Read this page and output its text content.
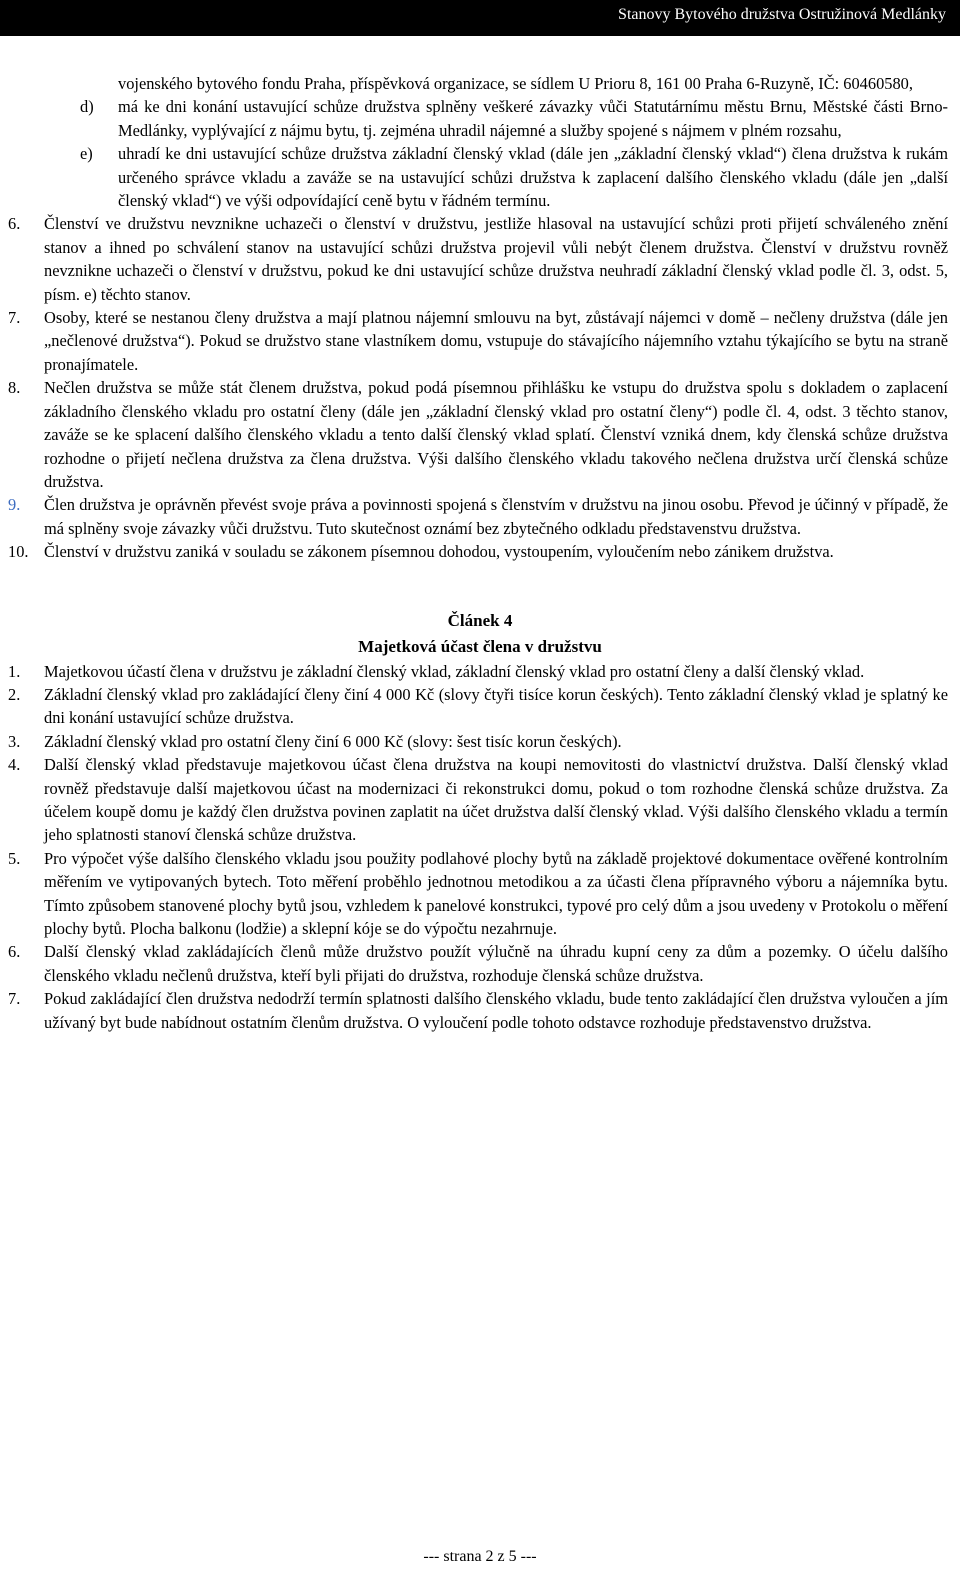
Stanovy Bytového družstva Ostružinová Medlánky
vojenského bytového fondu Praha, příspěvková organizace, se sídlem U Prioru 8, 161 00 Praha 6-Ruzyně, IČ: 60460580,
d) má ke dni konání ustavující schůze družstva splněny veškeré závazky vůči Statutárnímu městu Brnu, Městské části Brno-Medlánky, vyplývající z nájmu bytu, tj. zejména uhradil nájemné a služby spojené s nájmem v plném rozsahu,
e) uhradí ke dni ustavující schůze družstva základní členský vklad (dále jen „základní členský vklad“) člena družstva k rukám určeného správce vkladu a zaváže se na ustavující schůzi družstva k zaplacení dalšího členského vkladu (dále jen „další členský vklad“) ve výši odpovídající ceně bytu v řádném termínu.
6. Členství ve družstvu nevznikne uchazeči o členství v družstvu, jestliže hlasoval na ustavující schůzi proti přijetí schváleného znění stanov a ihned po schválení stanov na ustavující schůzi družstva projevil vůli nebýt členem družstva. Členství v družstvu rovněž nevznikne uchazeči o členství v družstvu, pokud ke dni ustavující schůze družstva neuhradí základní členský vklad podle čl. 3, odst. 5, písm. e) těchto stanov.
7. Osoby, které se nestanou členy družstva a mají platnou nájemní smlouvu na byt, zůstávají nájemci v domě – nečleny družstva (dále jen „nečlenové družstva“). Pokud se družstvo stane vlastníkem domu, vstupuje do stávajícího nájemního vztahu týkajícího se bytu na straně pronajímatele.
8. Nečlen družstva se může stát členem družstva, pokud podá písemnou přihlášku ke vstupu do družstva spolu s dokladem o zaplacení základního členského vkladu pro ostatní členy (dále jen „základní členský vklad pro ostatní členy“) podle čl. 4, odst. 3 těchto stanov, zaváže se ke splacení dalšího členského vkladu a tento další členský vklad splatí. Členství vzniká dnem, kdy členská schůze družstva rozhodne o přijetí nečlena družstva za člena družstva. Výši dalšího členského vkladu takového nečlena družstva určí členská schůze družstva.
9. Člen družstva je oprávněn převést svoje práva a povinnosti spojená s členstvím v družstvu na jinou osobu. Převod je účinný v případě, že má splněny svoje závazky vůči družstvu. Tuto skutečnost oznámí bez zbytečného odkladu představenstvu družstva.
10. Členství v družstvu zaniká v souladu se zákonem písemnou dohodou, vystoupením, vyloučením nebo zánikem družstva.
Článek 4
Majetková účast člena v družstvu
1. Majetkovou účastí člena v družstvu je základní členský vklad, základní členský vklad pro ostatní členy a další členský vklad.
2. Základní členský vklad pro zakládající členy činí 4 000 Kč (slovy čtyři tisíce korun českých). Tento základní členský vklad je splatný ke dni konání ustavující schůze družstva.
3. Základní členský vklad pro ostatní členy činí 6 000 Kč (slovy: šest tisíc korun českých).
4. Další členský vklad představuje majetkovou účast člena družstva na koupi nemovitosti do vlastnictví družstva. Další členský vklad rovněž představuje další majetkovou účast na modernizaci či rekonstrukci domu, pokud o tom rozhodne členská schůze družstva. Za účelem koupě domu je každý člen družstva povinen zaplatit na účet družstva další členský vklad. Výši dalšího členského vkladu a termín jeho splatnosti stanoví členská schůze družstva.
5. Pro výpočet výše dalšího členského vkladu jsou použity podlahové plochy bytů na základě projektové dokumentace ověřené kontrolním měřením ve vytipovaných bytech. Toto měření proběhlo jednotnou metodikou a za účasti člena přípravného výboru a nájemníka bytu. Tímto způsobem stanovené plochy bytů jsou, vzhledem k panelové konstrukci, typové pro celý dům a jsou uvedeny v Protokolu o měření plochy bytů. Plocha balkonu (lodžie) a sklepní kóje se do výpočtu nezahrnuje.
6. Další členský vklad zakládajících členů může družstvo použít výlučně na úhradu kupní ceny za dům a pozemky. O účelu dalšího členského vkladu nečlenů družstva, kteří byli přijati do družstva, rozhoduje členská schůze družstva.
7. Pokud zakládající člen družstva nedodrží termín splatnosti dalšího členského vkladu, bude tento zakládající člen družstva vyloučen a jím užívaný byt bude nabídnout ostatním členům družstva. O vyloučení podle tohoto odstavce rozhoduje představenstvo družstva.
--- strana 2 z 5 ---
